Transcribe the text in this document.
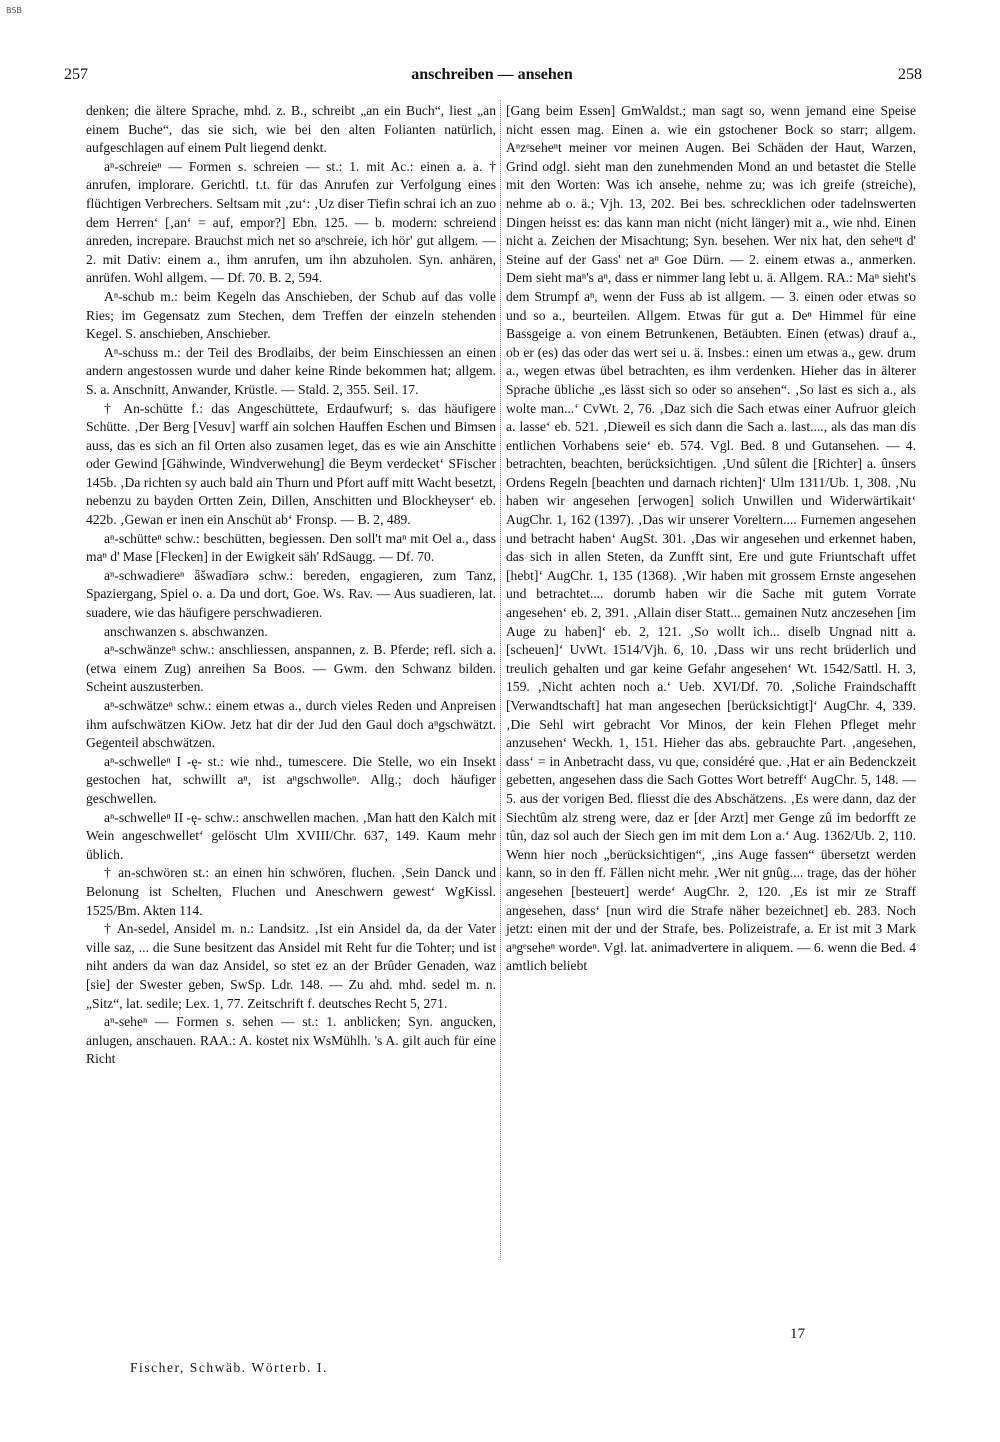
BSB
257	anschreiben — ansehen	258

denken; die ältere Sprache, mhd. z. B., schreibt „an ein Buch“, liest „an einem Buche“, das sie sich, wie bei den alten Folianten natürlich, aufgeschlagen auf einem Pult liegend denkt.

aⁿ-schreieⁿ — Formen s. schreien — st.: 1. mit Ac.: einen a. a. † anrufen, implorare. Gerichtl. t.t. für das Anrufen zur Verfolgung eines flüchtigen Verbrechers. Seltsam mit ‚zu‘: ‚Uz diser Tiefin schrai ich an zuo dem Herren‘ [‚an‘ = auf, empor?] Ebn. 125. — b. modern: schreiend anreden, increpare. Brauchst mich net so aⁿschreie, ich hör' gut allgem. — 2. mit Dativ: einem a., ihm anrufen, um ihn abzuholen. Syn. anhären, anrüfen. Wohl allgem. — Df. 70. B. 2, 594.

Aⁿ-schub m.: beim Kegeln das Anschieben, der Schub auf das volle Ries; im Gegensatz zum Stechen, dem Treffen der einzeln stehenden Kegel. S. anschieben, Anschieber.

Aⁿ-schuss m.: der Teil des Brodlaibs, der beim Einschiessen an einen andern angestossen wurde und daher keine Rinde bekommen hat; allgem. S. a. Anschnitt, Anwander, Krüstle. — Stald. 2, 355. Seil. 17.

† An-schütte f.: das Angeschüttete, Erdaufwurf; s. das häufigere Schütte. ‚Der Berg [Vesuv] warff ain solchen Hauffen Eschen und Bimsen auss, das es sich an fil Orten also zusamen leget, das es wie ain Anschitte oder Gewind [Gähwinde, Windverwehung] die Beym verdecket‘ SFischer 145b. ‚Da richten sy auch bald ain Thurn und Pfort auff mitt Wacht besetzt, nebenzu zu bayden Ortten Zein, Dillen, Anschitten und Blockheyser‘ eb. 422b. ‚Gewan er inen ein Anschüt ab‘ Fronsp. — B. 2, 489.

aⁿ-schütteⁿ schw.: beschütten, begiessen. Den soll't maⁿ mit Oel a., dass maⁿ d' Mase [Flecken] in der Ewigkeit säh' RdSaugg. — Df. 70.

aⁿ-schwadiereⁿ ǟšwadīərə schw.: bereden, engagieren, zum Tanz, Spaziergang, Spiel o. a. Da und dort, Goe. Ws. Rav. — Aus suadieren, lat. suadere, wie das häufigere perschwadieren.

anschwanzen s. abschwanzen.

aⁿ-schwänzeⁿ schw.: anschliessen, anspannen, z. B. Pferde; refl. sich a. (etwa einem Zug) anreihen Sa Boos. — Gwm. den Schwanz bilden. Scheint auszusterben.

aⁿ-schwätzeⁿ schw.: einem etwas a., durch vieles Reden und Anpreisen ihm aufschwätzen KiOw. Jetz hat dir der Jud den Gaul doch aⁿgschwätzt. Gegenteil abschwätzen.

aⁿ-schwelleⁿ I -ę- st.: wie nhd., tumescere. Die Stelle, wo ein Insekt gestochen hat, schwillt aⁿ, ist aⁿgschwolleⁿ. Allg.; doch häufiger geschwellen.

aⁿ-schwelleⁿ II -ę- schw.: anschwellen machen. ‚Man hatt den Kalch mit Wein angeschwellet‘ gelöscht Ulm XVIII/Chr. 637, 149. Kaum mehr üblich.

† an-schwören st.: an einen hin schwören, fluchen. ‚Sein Danck und Belonung ist Schelten, Fluchen und Aneschwern gewest‘ WgKissl. 1525/Bm. Akten 114.

† An-sedel, Ansidel m. n.: Landsitz. ‚Ist ein Ansidel da, da der Vater ville saz, ... die Sune besitzent das Ansidel mit Reht fur die Tohter; und ist niht anders da wan daz Ansidel, so stet ez an der Brûder Genaden, waz [sie] der Swester geben, SwSp. Ldr. 148. — Zu ahd. mhd. sedel m. n. „Sitz“, lat. sedile; Lex. 1, 77. Zeitschrift f. deutsches Recht 5, 271.

aⁿ-seheⁿ — Formen s. sehen — st.: 1. anblicken; Syn. angucken, anlugen, anschauen. RAA.: A. kostet nix WsMühlh. 's A. gilt auch für eine Richt

[Gang beim Essen] GmWaldst.; man sagt so, wenn jemand eine Speise nicht essen mag. Einen a. wie ein gstochener Bock so starr; allgem. Aⁿzᵉseheⁿt meiner vor meinen Augen. Bei Schäden der Haut, Warzen, Grind odgl. sieht man den zunehmenden Mond an und betastet die Stelle mit den Worten: Was ich ansehe, nehme zu; was ich greife (streiche), nehme ab o. ä.; Vjh. 13, 202. Bei bes. schrecklichen oder tadelnswerten Dingen heisst es: das kann man nicht (nicht länger) mit a., wie nhd. Einen nicht a. Zeichen der Misachtung; Syn. besehen. Wer nix hat, den seheⁿt d' Steine auf der Gass' net aⁿ Goe Dürn. — 2. einem etwas a., anmerken. Dem sieht maⁿ's aⁿ, dass er nimmer lang lebt u. ä. Allgem. RA.: Maⁿ sieht's dem Strumpf aⁿ, wenn der Fuss ab ist allgem. — 3. einen oder etwas so und so a., beurteilen. Allgem. Etwas für gut a. Deⁿ Himmel für eine Bassgeige a. von einem Betrunkenen, Betäubten. Einen (etwas) drauf a., ob er (es) das oder das wert sei u. ä. Insbes.: einen um etwas a., gew. drum a., wegen etwas übel betrachten, es ihm verdenken. Hieher das in älterer Sprache übliche „es lässt sich so oder so ansehen“. ‚So last es sich a., als wolte man...‘ CvWt. 2, 76. ‚Daz sich die Sach etwas einer Aufruor gleich a. lasse‘ eb. 521. ‚Dieweil es sich dann die Sach a. last...., als das man dis entlichen Vorhabens seie‘ eb. 574. Vgl. Bed. 8 und Gutansehen. — 4. betrachten, beachten, berücksichtigen. ‚Und sûlent die [Richter] a. ûnsers Ordens Regeln [beachten und darnach richten]‘ Ulm 1311/Ub. 1, 308. ‚Nu haben wir angesehen [erwogen] solich Unwillen und Widerwärtikait‘ AugChr. 1, 162 (1397). ‚Das wir unserer Voreltern.... Furnemen angesehen und betracht haben‘ AugSt. 301. ‚Das wir angesehen und erkennet haben, das sich in allen Steten, da Zunfft sint, Ere und gute Friuntschaft uffet [hebt]‘ AugChr. 1, 135 (1368). ‚Wir haben mit grossem Ernste angesehen und betrachtet.... dorumb haben wir die Sache mit gutem Vorrate angesehen‘ eb. 2, 391. ‚Allain diser Statt... gemainen Nutz anczesehen [im Auge zu haben]‘ eb. 2, 121. ‚So wollt ich... diselb Ungnad nitt a. [scheuen]‘ UvWt. 1514/Vjh. 6, 10. ‚Dass wir uns recht brüderlich und treulich gehalten und gar keine Gefahr angesehen‘ Wt. 1542/Sattl. H. 3, 159. ‚Nicht achten noch a.‘ Ueb. XVI/Df. 70. ‚Soliche Fraindschafft [Verwandtschaft] hat man angesechen [berücksichtigt]‘ AugChr. 4, 339. ‚Die Sehl wirt gebracht Vor Minos, der kein Flehen Pfleget mehr anzusehen‘ Weckh. 1, 151. Hieher das abs. gebrauchte Part. ‚angesehen, dass‘ = in Anbetracht dass, vu que, considéré que. ‚Hat er ain Bedenckzeit gebetten, angesehen dass die Sach Gottes Wort betreff‘ AugChr. 5, 148. — 5. aus der vorigen Bed. fliesst die des Abschätzens. ‚Es were dann, daz der Siechtûm alz streng were, daz er [der Arzt] mer Genge zû im bedorfft ze tûn, daz sol auch der Siech gen im mit dem Lon a.‘ Aug. 1362/Ub. 2, 110. Wenn hier noch „berücksichtigen“, „ins Auge fassen“ übersetzt werden kann, so in den ff. Fällen nicht mehr. ‚Wer nit gnûg.... trage, das der höher angesehen [besteuert] werde‘ AugChr. 2, 120. ‚Es ist mir ze Straff angesehen, dass‘ [nun wird die Strafe näher bezeichnet] eb. 283. Noch jetzt: einen mit der und der Strafe, bes. Polizeistrafe, a. Er ist mit 3 Mark aⁿgᵉseheⁿ wordeⁿ. Vgl. lat. animadvertere in aliquem. — 6. wenn die Bed. 4 amtlich beliebt

17
Fischer, Schwäb. Wörterb. I.
